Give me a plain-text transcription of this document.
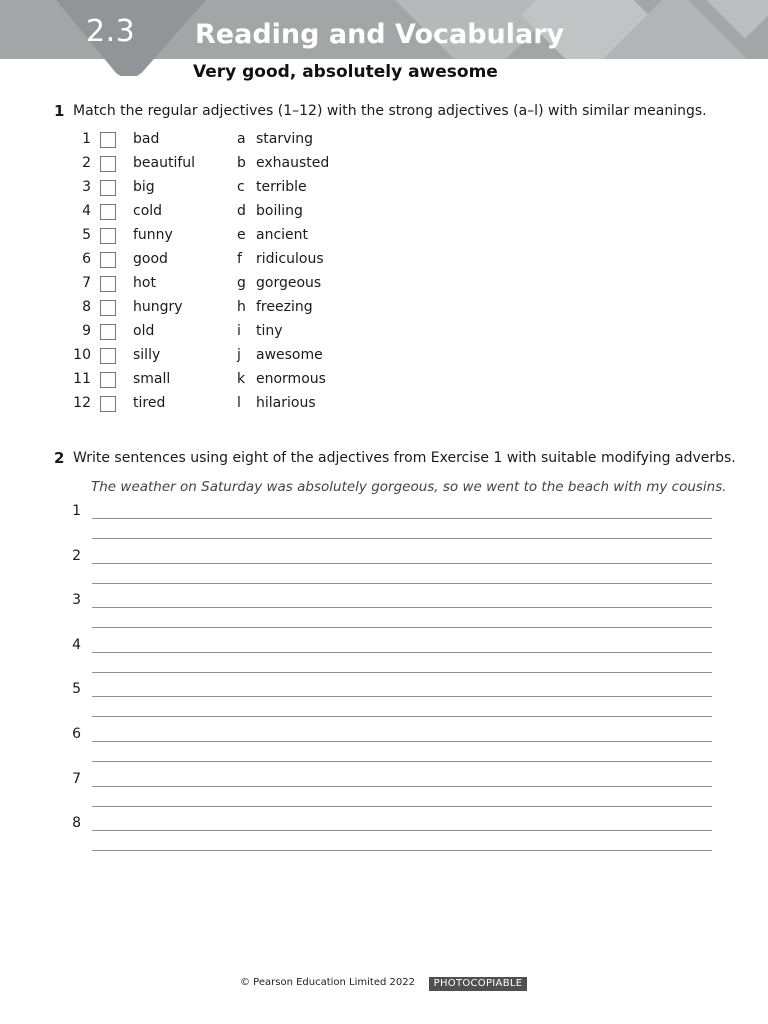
2.3 Reading and Vocabulary
Very good, absolutely awesome
1 Match the regular adjectives (1–12) with the strong adjectives (a–l) with similar meanings.
1	bad	a starving
2	beautiful	b exhausted
3	big	c terrible
4	cold	d boiling
5	funny	e ancient
6	good	f ridiculous
7	hot	g gorgeous
8	hungry	h freezing
9	old	i tiny
10	silly	j awesome
11	small	k enormous
12	tired	l hilarious
2 Write sentences using eight of the adjectives from Exercise 1 with suitable modifying adverbs.
The weather on Saturday was absolutely gorgeous, so we went to the beach with my cousins.
1
2
3
4
5
6
7
8
© Pearson Education Limited 2022	PHOTOCOPIABLE
